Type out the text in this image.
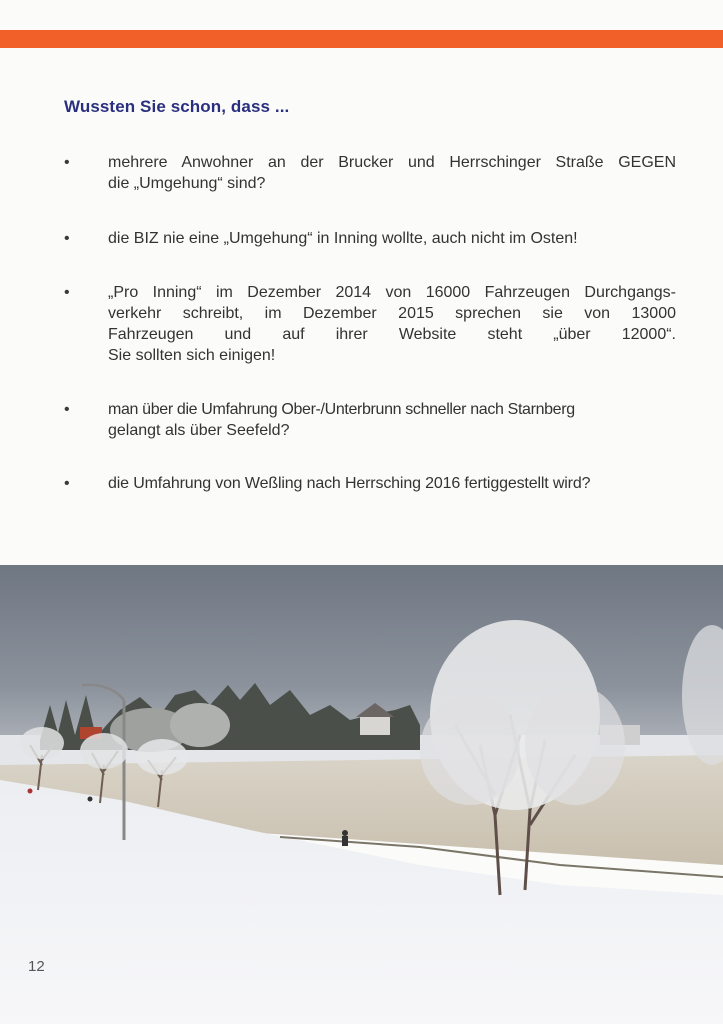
Wussten Sie schon, dass ...
• mehrere Anwohner an der Brucker und Herrschinger Straße GEGEN
die „Umgehung“ sind?
• die BIZ nie eine „Umgehung“ in Inning wollte, auch nicht im Osten!
• „Pro Inning“ im Dezember 2014 von 16000 Fahrzeugen Durchgangs-
verkehr schreibt, im Dezember 2015 sprechen sie von 13000
Fahrzeugen und auf ihrer Website steht „über 12000“.
Sie sollten sich einigen!
• man über die Umfahrung Ober-/Unterbrunn schneller nach Starnberg
gelangt als über Seefeld?
• die Umfahrung von Weßling nach Herrsching 2016 fertiggestellt wird?
12
